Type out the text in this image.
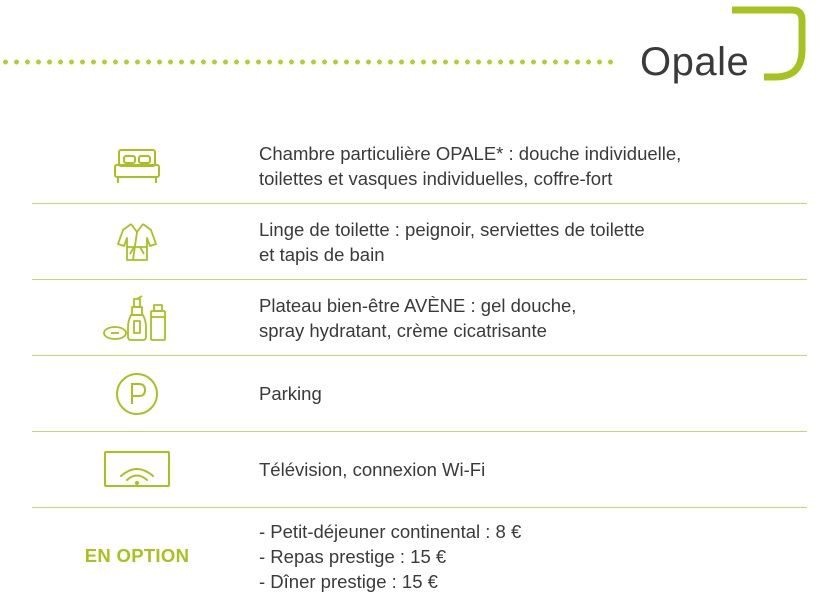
Opale
Chambre particulière OPALE* : douche individuelle,
toilettes et vasques individuelles, coffre-fort
Linge de toilette : peignoir, serviettes de toilette
et tapis de bain
Plateau bien-être AVÈNE : gel douche,
spray hydratant, crème cicatrisante
Parking
Télévision, connexion Wi-Fi
EN OPTION
- Petit-déjeuner continental : 8 €
- Repas prestige : 15 €
- Dîner prestige : 15 €
